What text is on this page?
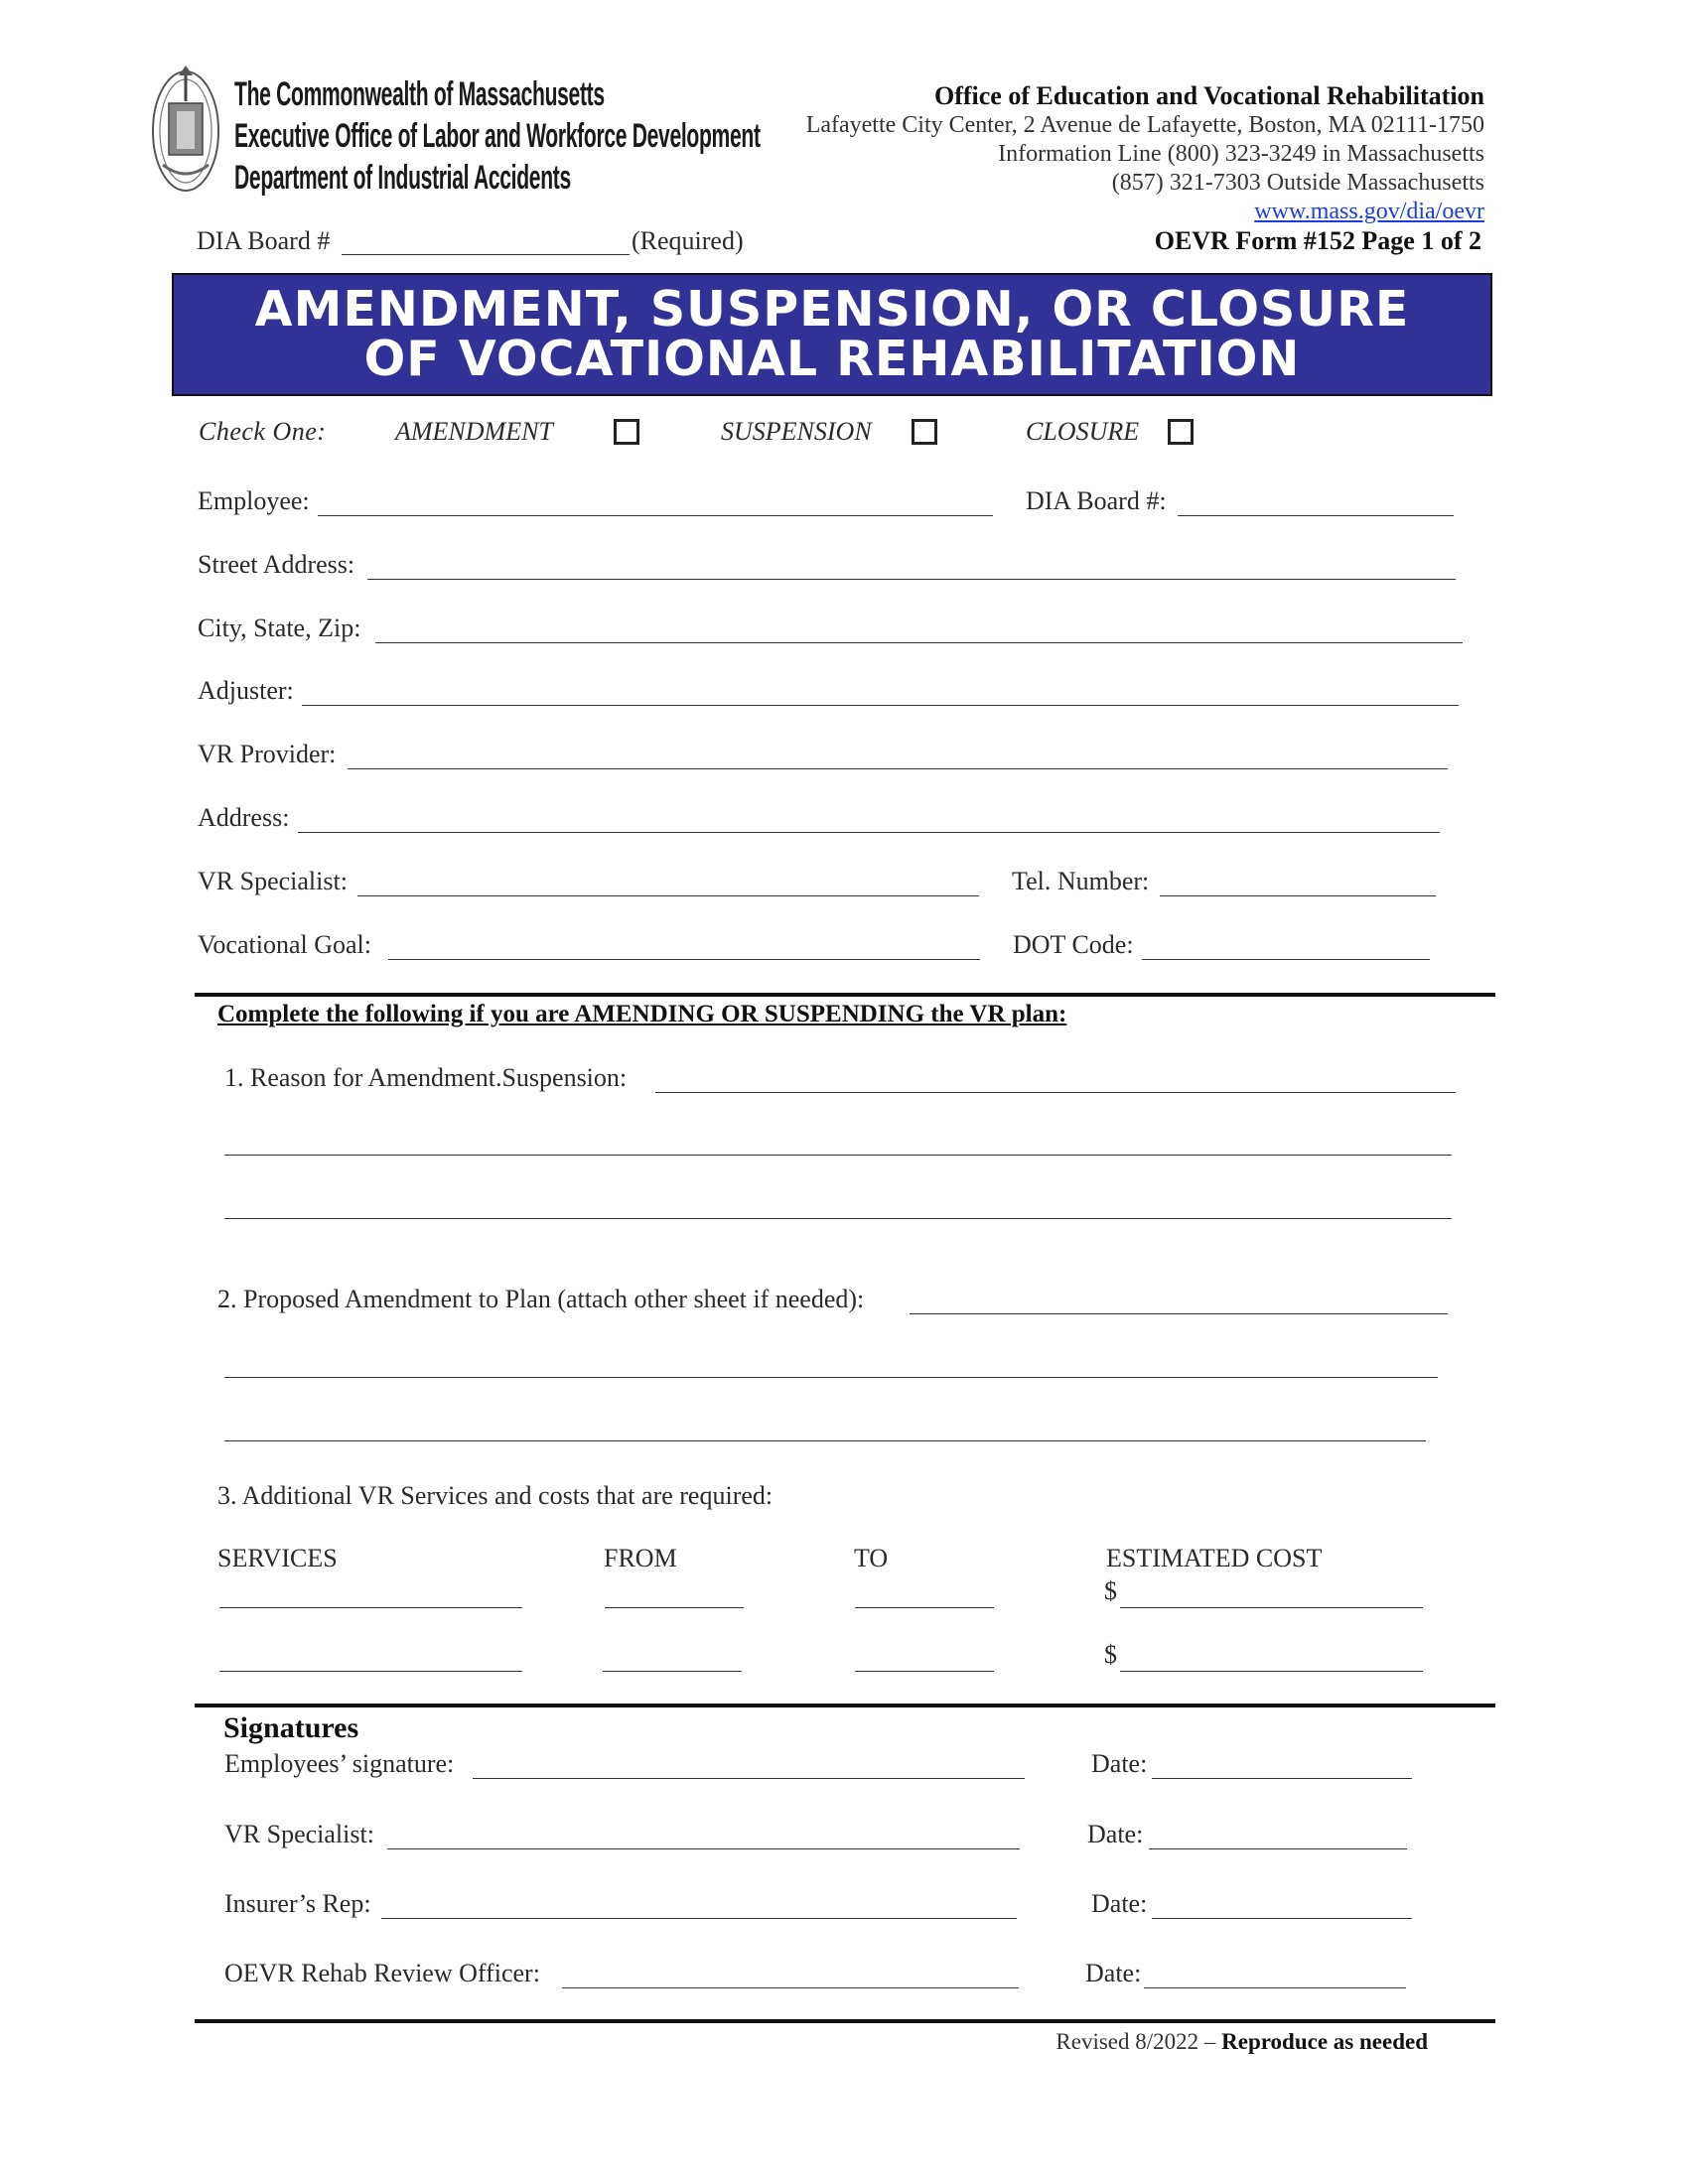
The Commonwealth of Massachusetts
Executive Office of Labor and Workforce Development
Department of Industrial Accidents
Office of Education and Vocational Rehabilitation
Lafayette City Center, 2 Avenue de Lafayette, Boston, MA 02111-1750
Information Line (800) 323-3249 in Massachusetts
(857) 321-7303 Outside Massachusetts
www.mass.gov/dia/oevr
DIA Board #	(Required)	OEVR Form #152 Page 1 of 2
AMENDMENT, SUSPENSION, OR CLOSURE
OF VOCATIONAL REHABILITATION
Check One:	AMENDMENT	SUSPENSION	CLOSURE
Employee:	DIA Board #:
Street Address:
City, State, Zip:
Adjuster:
VR Provider:
Address:
VR Specialist:	Tel. Number:
Vocational Goal:	DOT Code:
Complete the following if you are AMENDING OR SUSPENDING the VR plan:
1. Reason for Amendment.Suspension:
2. Proposed Amendment to Plan (attach other sheet if needed):
3. Additional VR Services and costs that are required:
SERVICES	FROM	TO	ESTIMATED COST
$
$
Signatures
Employees’ signature:	Date:
VR Specialist:	Date:
Insurer’s Rep:	Date:
OEVR Rehab Review Officer:	Date:
Revised 8/2022 – Reproduce as needed
